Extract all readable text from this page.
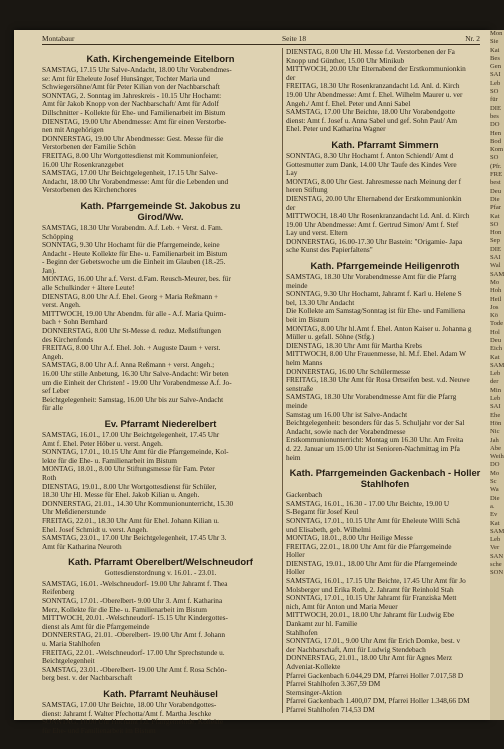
Montabaur	Seite 18	Nr. 2
Kath. Kirchengemeinde Eitelborn
SAMSTAG, 17.15 Uhr Salve-Andacht, 18.00 Uhr Vorabendmes-
se: Amt für Eheleute Josef Hunsänger, Tochter Maria und
Schwiegersöhne/Amt für Peter Kilian von der Nachbarschaft
SONNTAG, 2. Sonntag im Jahreskreis - 10.15 Uhr Hochamt:
Amt für Jakob Knopp von der Nachbarschaft/ Amt für Adolf
Dillschnitter - Kollekte für Ehe- und Familienarbeit im Bistum
DIENSTAG, 19.00 Uhr Abendmesse: Amt für einen Verstorbe-
nen mit Angehörigen
DONNERSTAG, 19.00 Uhr Abendmesse: Gest. Messe für die
Verstorbenen der Familie Schön
FREITAG, 8.00 Uhr Wortgottesdienst mit Kommunionfeier,
16.00 Uhr Rosenkranzgebet
SAMSTAG, 17.00 Uhr Beichtgelegenheit, 17.15 Uhr Salve-
Andacht, 18.00 Uhr Vorabendmesse: Amt für die Lebenden und
Verstorbenen des Kirchenchores
Kath. Pfarrgemeinde St. Jakobus zu
Girod/Ww.
SAMSTAG, 18.30 Uhr Vorabendm. A.f. Leb. + Verst. d. Fam.
Schöpping
SONNTAG, 9.30 Uhr Hochamt für die Pfarrgemeinde, keine
Andacht - Heute Kollekte für Ehe- u. Familienarbeit im Bistum
- Beginn der Gebetswoche um die Einheit im Glauben (18.-25.
Jan).
MONTAG, 16.00 Uhr a.f. Verst. d.Fam. Reusch-Meurer, bes. für
alle Schulkinder + ältere Leute!
DIENSTAG, 8.00 Uhr A.f. Ehel. Georg + Maria Reßmann +
verst. Angeh.
MITTWOCH, 19.00 Uhr Abendm. für alle - A.f. Maria Quirm-
bach + Sohn Bernhard
DONNERSTAG, 8.00 Uhr St-Messe d. reduz. Meßstiftungen
des Kirchenfonds
FREITAG, 8.00 Uhr A.f. Ehel. Joh. + Auguste Daum + verst.
Angeh.
SAMSTAG, 8.00 Uhr A.f. Anna Reßmann + verst. Angeh.;
16.00 Uhr stille Anbetung, 16.30 Uhr Salve-Andacht: Wir beten
um die Einheit der Christen! - 19.00 Uhr Vorabendmesse A.f. Jo-
sef Leber
Beichtgelegenheit: Samstag, 16.00 Uhr bis zur Salve-Andacht
für alle
Ev. Pfarramt Niederelbert
SAMSTAG, 16.01., 17.00 Uhr Beichtgelegenheit, 17.45 Uhr
Amt f. Ehel. Peter Höber u. verst. Angeh.
SONNTAG, 17.01., 10.15 Uhr Amt für die Pfarrgemeinde, Kol-
lekte für die Ehe- u. Familienarbeit im Bistum
MONTAG, 18.01., 8.00 Uhr Stiftungsmesse für Fam. Peter
Roth
DIENSTAG, 19.01., 8.00 Uhr Wortgottesdienst für Schüler,
18.30 Uhr Hl. Messe für Ehel. Jakob Kilian u. Angeh.
DONNERSTAG, 21.01., 14.30 Uhr Kommunionunterricht, 15.30
Uhr Meßdienerstunde
FREITAG, 22.01., 18.30 Uhr Amt für Ehel. Johann Kilian u.
Ehel. Josef Schmidt u. verst. Angeh.
SAMSTAG, 23.01., 17.00 Uhr Beichtgelegenheit, 17.45 Uhr 3.
Amt für Katharina Neuroth
Kath. Pfarramt Oberelbert/Welschneudorf
Gottesdienstordnung v. 16.01. - 23.01.
SAMSTAG, 16.01. -Welschneudorf- 19.00 Uhr Jahramt f. Thea
Reifenberg
SONNTAG, 17.01. -Oberelbert- 9.00 Uhr 3. Amt f. Katharina
Merz, Kollekte für die Ehe- u. Familienarbeit im Bistum
MITTWOCH, 20.01. -Welschneudorf- 15.15 Uhr Kindergottes-
dienst als Amt für die Pfarrgemeinde
DONNERSTAG, 21.01. -Oberelbert- 19.00 Uhr Amt f. Johann
u. Maria Stahlhofen
FREITAG, 22.01. -Welschneudorf- 17.00 Uhr Sprechstunde u.
Beichtgelegenheit
SAMSTAG, 23.01. -Oberelbert- 19.00 Uhr Amt f. Rosa Schön-
berg best. v. der Nachbarschaft
Kath. Pfarramt Neuhäusel
SAMSTAG, 17.00 Uhr Beichte, 18.00 Uhr Vorabendgottes-
dienst: Jahramt f. Walter Pfechotta/Amt f. Martha Jeschke
SONNTAG, 10.00 Uhr Hochamt f.d. Pfarrgemeinde, Kollekte
für Ehe- und Familienarbeit im Bistum
DIENSTAG, 8.00 Uhr Hl. Messe f.d. Verstorbenen der Fa
Knopp und Günther, 15.00 Uhr Minikub
MITTWOCH, 20.00 Uhr Elternabend der Erstkommunionkin
der
FREITAG, 18.30 Uhr Rosenkranzandacht l.d. Anl. d. Kirch
19.00 Uhr Abendmesse: Amt f. Ehel. Wilhelm Maurer u. ver
Angeh./ Amt f. Ehel. Peter und Anni Sabel
SAMSTAG, 17.00 Uhr Beichte, 18.00 Uhr Vorabendgotte
dienst: Amt f. Josef u. Anna Sabel und gef. Sohn Paul/ Am
Ehel. Peter und Katharina Wagner
Kath. Pfarramt Simmern
SONNTAG, 8.30 Uhr Hochamt f. Anton Schiendl/ Amt d
Gottesmutter zum Dank, 14.00 Uhr Taufe des Kindes Vere
Lay
MONTAG, 8.00 Uhr Gest. Jahresmesse nach Meinung der f
heren Stiftung
DIENSTAG, 20.00 Uhr Elternabend der Erstkommunionkin
der
MITTWOCH, 18.40 Uhr Rosenkranzandacht l.d. Anl. d. Kirch
19.00 Uhr Abendmesse: Amt f. Gertrud Simon/ Amt f. Stef
Lay und verst. Eltern
DONNERSTAG, 16.00-17.30 Uhr Bastein: "Origamie- Japa
sche Kunst des Papierfaltens"
Kath. Pfarrgemeinde Heiligenroth
SAMSTAG, 18.30 Uhr Vorabendmesse Amt für die Pfarrg
meinde
SONNTAG, 9.30 Uhr Hochamt, Jahramt f. Karl u. Helene S
bel, 13.30 Uhr Andacht
Die Kollekte am Samstag/Sonntag ist für Ehe- und Familiena
beit im Bistum
MONTAG, 8.00 Uhr hl.Amt f. Ehel. Anton Kaiser u. Johanna g
Müller u. gefall. Söhne (Stfg.)
DIENSTAG, 18.30 Uhr Amt für Martha Krebs
MITTWOCH, 8.00 Uhr Frauenmesse, hl. M.f. Ehel. Adam W
helm Manns
DONNERSTAG, 16.00 Uhr Schülermesse
FREITAG, 18.30 Uhr Amt für Rosa Ortseifen best. v.d. Neuwe
senstraße
SAMSTAG, 18.30 Uhr Vorabendmesse Amt für die Pfarrg
meinde
Samstag um 16.00 Uhr ist Salve-Andacht
Beichtgelegenheit: besonders für das 5. Schuljahr vor der Sal
Andacht, sowie nach der Vorabendmesse
Erstkommunionunterricht: Montag um 16.30 Uhr. Am Freita
d. 22. Januar um 15.00 Uhr ist Senioren-Nachmittag im Pfa
heim
Kath. Pfarrgemeinden Gackenbach - Holler
Stahlhofen
Gackenbach
SAMSTAG, 16.01., 16.30 - 17.00 Uhr Beichte, 19.00 U
S-Begamt für Josef Keul
SONNTAG, 17.01., 10.15 Uhr Amt für Eheleute Willi Schä
und Elisabeth, geb. Wilhelmi
MONTAG, 18.01., 8.00 Uhr Heilige Messe
FREITAG, 22.01., 18.00 Uhr Amt für die Pfarrgemeinde
Holler
DIENSTAG, 19.01., 18.00 Uhr Amt für die Pfarrgemeinde
Holler
SAMSTAG, 16.01., 17.15 Uhr Beichte, 17.45 Uhr Amt für Jo
Molsberger und Erika Roth, 2. Jahramt für Reinhold Stah
SONNTAG, 17.01., 10.15 Uhr Jahramt für Franziska Mett
nich, Amt für Anton und Maria Meuer
MITTWOCH, 20.01., 18.00 Uhr Jahramt für Ludwig Ebe
Dankamt zur hl. Familie
Stahlhofen
SONNTAG, 17.01., 9.00 Uhr Amt für Erich Domke, best. v
der Nachbarschaft, Amt für Ludwig Stendebach
DONNERSTAG, 21.01., 18.00 Uhr Amt für Agnes Merz
Adveniat-Kollekte
Pfarrei Gackenbach 6.044,29 DM, Pfarrei Holler 7.017,58 D
Pfarrei Stahlhofen 3.367,59 DM
Sternsinger-Aktion
Pfarrei Gackenbach 1.400,07 DM, Pfarrei Holler 1.348,66 DM
Pfarrei Stahlhofen 714,53 DM
Mon
Sie
Kai
Bes
Gen
SAI
Leb
SO
für
DIE
bes
DO
Hen
Bod
Kom
SO
(Pfr.
FRE
best
Deu
Die
Pfar
Kat
SO
Hon
Sep
DIE
SAI
Wal
SAM
Mo
Hoh
Heil
Jos
Kö
Tode
Hol
Deu
Eich
Kat
SAM
Leb
der
Min
Leb
SAI
Ehe
Hön
Nic
Jah
Abe
Weih
DO
Mo
Sc
Wa
Die
a.
Ev
Kat
SAM
Leb
Ver
SAN
sche
SON
